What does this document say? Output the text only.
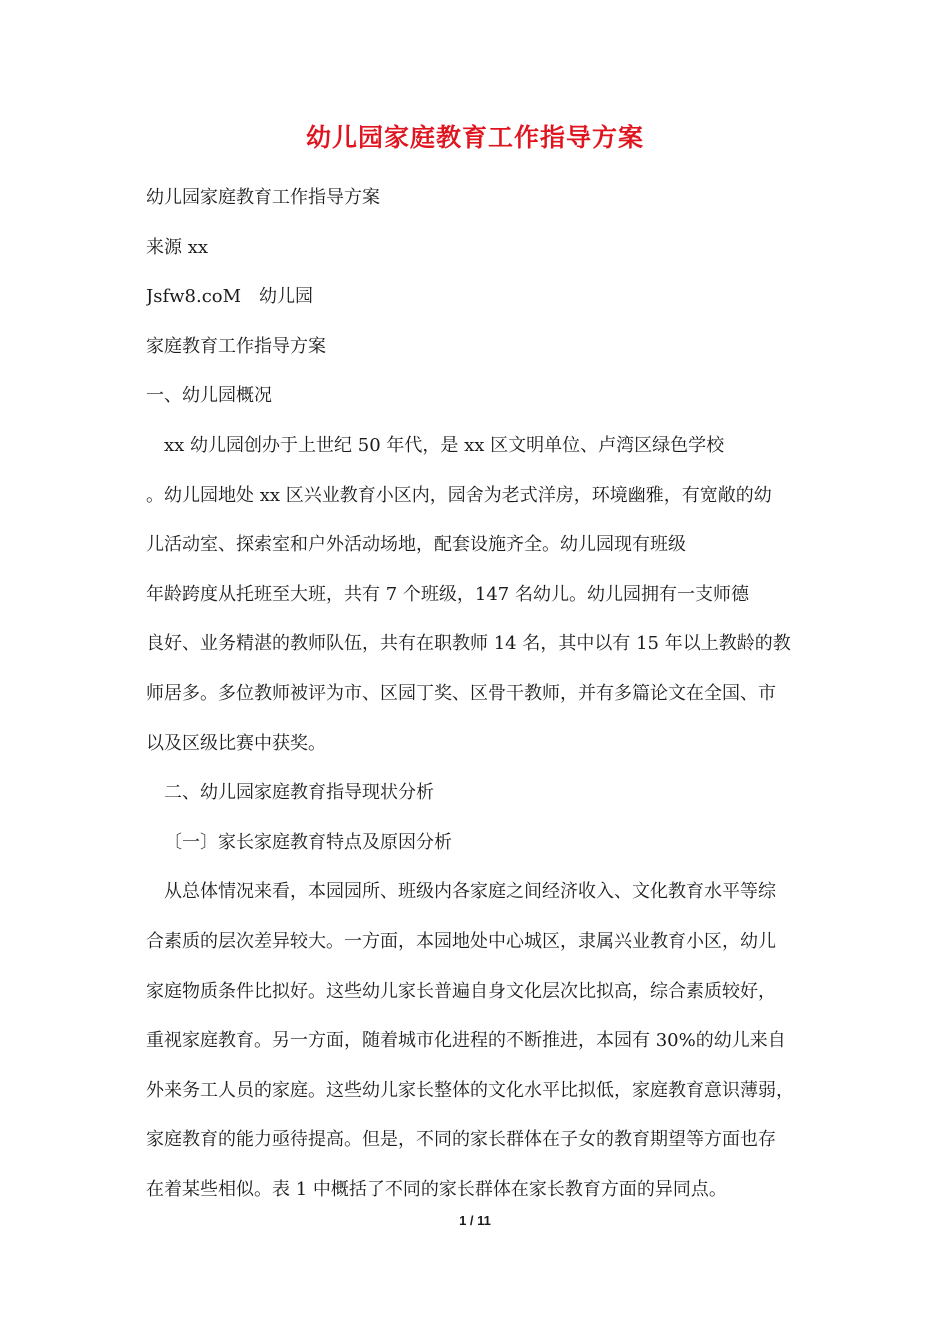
幼儿园家庭教育工作指导方案

幼儿园家庭教育工作指导方案

来源 xx

Jsfw8.coM　幼儿园

家庭教育工作指导方案

一、幼儿园概况

xx 幼儿园创办于上世纪 50 年代，是 xx 区文明单位、卢湾区绿色学校

。幼儿园地处 xx 区兴业教育小区内，园舍为老式洋房，环境幽雅，有宽敞的幼

儿活动室、探索室和户外活动场地，配套设施齐全。幼儿园现有班级

年龄跨度从托班至大班，共有 7 个班级，147 名幼儿。幼儿园拥有一支师德

良好、业务精湛的教师队伍，共有在职教师 14 名，其中以有 15 年以上教龄的教

师居多。多位教师被评为市、区园丁奖、区骨干教师，并有多篇论文在全国、市

以及区级比赛中获奖。

二、幼儿园家庭教育指导现状分析

〔一〕家长家庭教育特点及原因分析

从总体情况来看，本园园所、班级内各家庭之间经济收入、文化教育水平等综

合素质的层次差异较大。一方面，本园地处中心城区，隶属兴业教育小区，幼儿

家庭物质条件比拟好。这些幼儿家长普遍自身文化层次比拟高，综合素质较好，

重视家庭教育。另一方面，随着城市化进程的不断推进，本园有 30%的幼儿来自

外来务工人员的家庭。这些幼儿家长整体的文化水平比拟低，家庭教育意识薄弱，

家庭教育的能力亟待提高。但是，不同的家长群体在子女的教育期望等方面也存

在着某些相似。表 1 中概括了不同的家长群体在家长教育方面的异同点。

1 / 11
